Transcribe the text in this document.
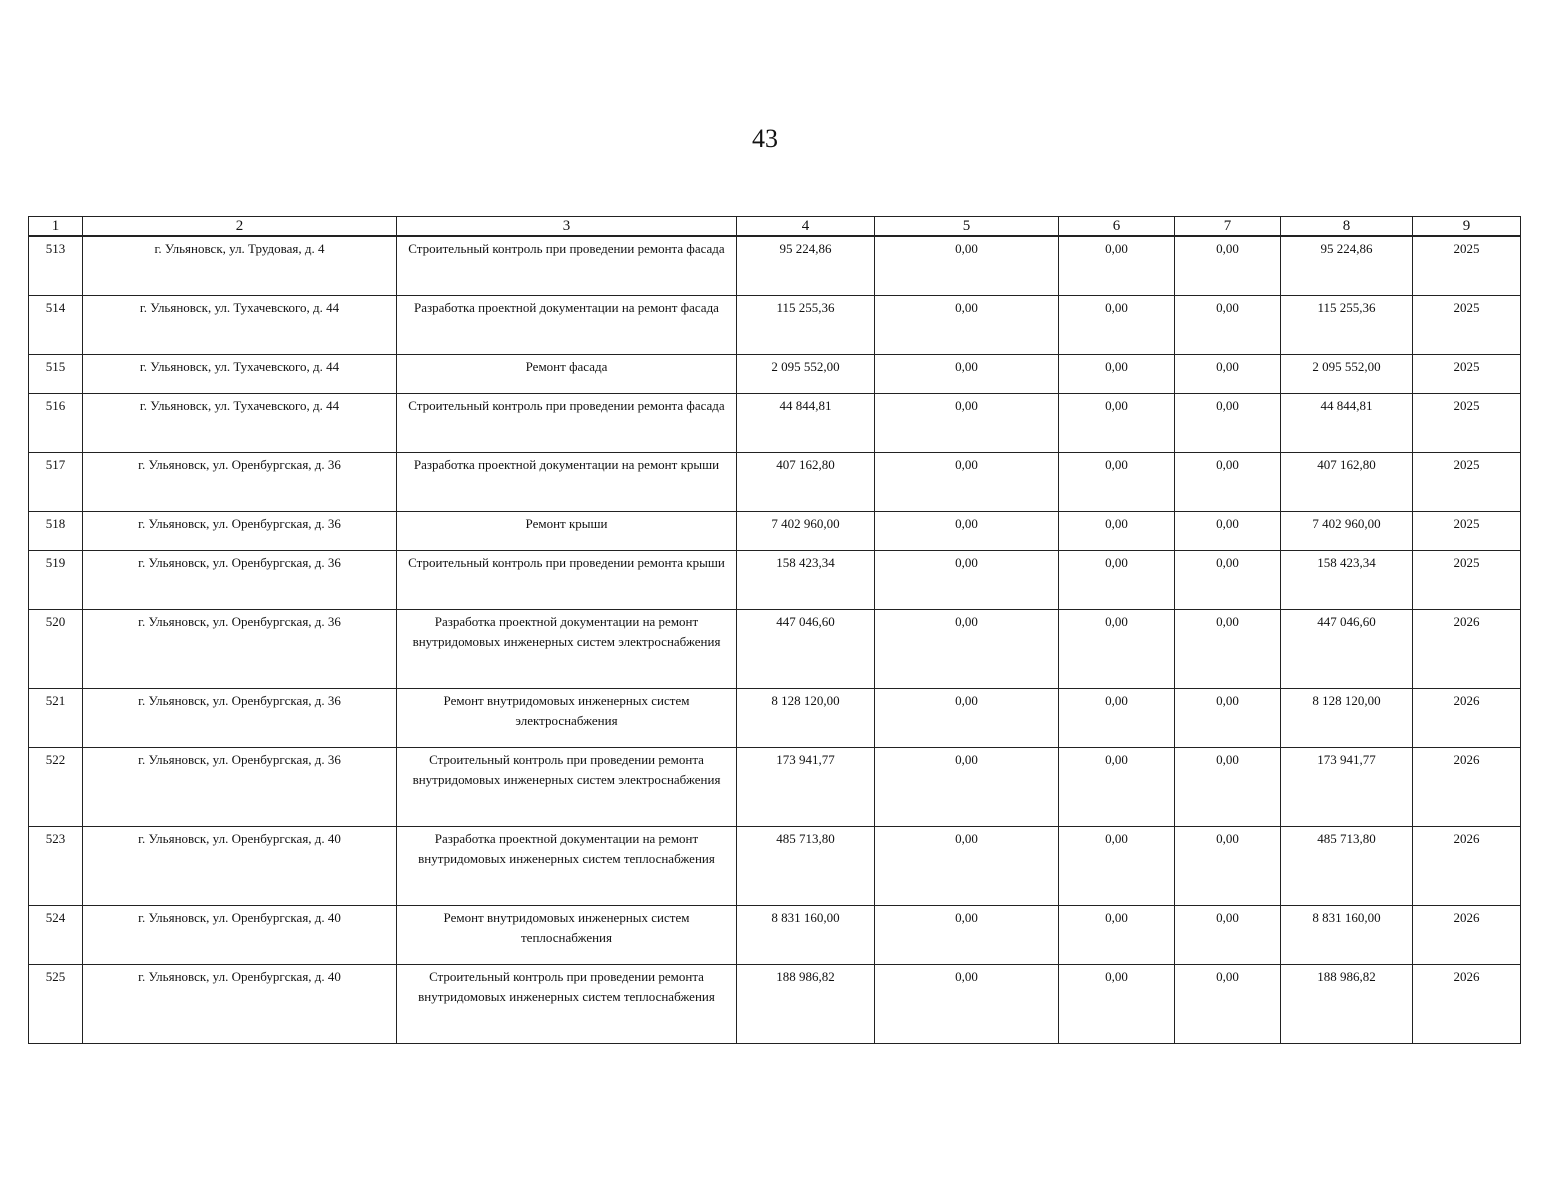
43
1	2	3	4	5	6	7	8	9
513	г. Ульяновск, ул. Трудовая, д. 4	Строительный контроль при проведении ремонта фасада	95 224,86	0,00	0,00	0,00	95 224,86	2025
514	г. Ульяновск, ул. Тухачевского, д. 44	Разработка проектной документации на ремонт фасада	115 255,36	0,00	0,00	0,00	115 255,36	2025
515	г. Ульяновск, ул. Тухачевского, д. 44	Ремонт фасада	2 095 552,00	0,00	0,00	0,00	2 095 552,00	2025
516	г. Ульяновск, ул. Тухачевского, д. 44	Строительный контроль при проведении ремонта фасада	44 844,81	0,00	0,00	0,00	44 844,81	2025
517	г. Ульяновск, ул. Оренбургская, д. 36	Разработка проектной документации на ремонт крыши	407 162,80	0,00	0,00	0,00	407 162,80	2025
518	г. Ульяновск, ул. Оренбургская, д. 36	Ремонт крыши	7 402 960,00	0,00	0,00	0,00	7 402 960,00	2025
519	г. Ульяновск, ул. Оренбургская, д. 36	Строительный контроль при проведении ремонта крыши	158 423,34	0,00	0,00	0,00	158 423,34	2025
520	г. Ульяновск, ул. Оренбургская, д. 36	Разработка проектной документации на ремонт внутридомовых инженерных систем электроснабжения	447 046,60	0,00	0,00	0,00	447 046,60	2026
521	г. Ульяновск, ул. Оренбургская, д. 36	Ремонт внутридомовых инженерных систем электроснабжения	8 128 120,00	0,00	0,00	0,00	8 128 120,00	2026
522	г. Ульяновск, ул. Оренбургская, д. 36	Строительный контроль при проведении ремонта внутридомовых инженерных систем электроснабжения	173 941,77	0,00	0,00	0,00	173 941,77	2026
523	г. Ульяновск, ул. Оренбургская, д. 40	Разработка проектной документации на ремонт внутридомовых инженерных систем теплоснабжения	485 713,80	0,00	0,00	0,00	485 713,80	2026
524	г. Ульяновск, ул. Оренбургская, д. 40	Ремонт внутридомовых инженерных систем теплоснабжения	8 831 160,00	0,00	0,00	0,00	8 831 160,00	2026
525	г. Ульяновск, ул. Оренбургская, д. 40	Строительный контроль при проведении ремонта внутридомовых инженерных систем теплоснабжения	188 986,82	0,00	0,00	0,00	188 986,82	2026
